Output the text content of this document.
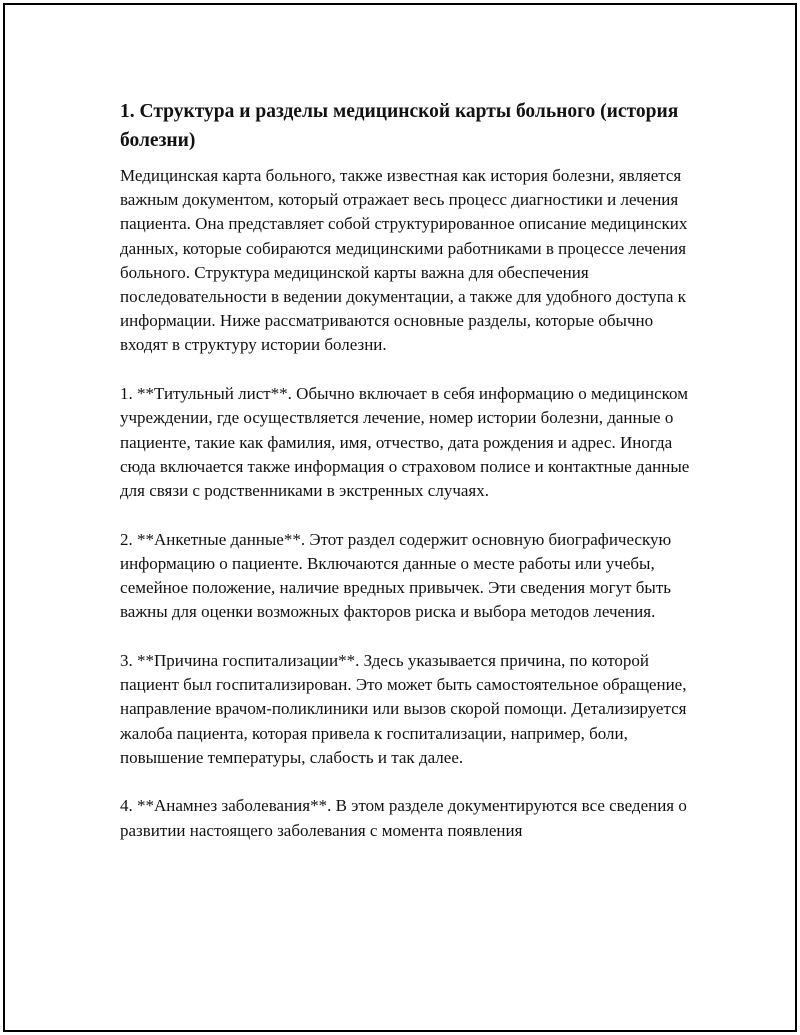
1. Структура и разделы медицинской карты больного (история болезни)

Медицинская карта больного, также известная как история болезни, является важным документом, который отражает весь процесс диагностики и лечения пациента. Она представляет собой структурированное описание медицинских данных, которые собираются медицинскими работниками в процессе лечения больного. Структура медицинской карты важна для обеспечения последовательности в ведении документации, а также для удобного доступа к информации. Ниже рассматриваются основные разделы, которые обычно входят в структуру истории болезни.

1. **Титульный лист**. Обычно включает в себя информацию о медицинском учреждении, где осуществляется лечение, номер истории болезни, данные о пациенте, такие как фамилия, имя, отчество, дата рождения и адрес. Иногда сюда включается также информация о страховом полисе и контактные данные для связи с родственниками в экстренных случаях.

2. **Анкетные данные**. Этот раздел содержит основную биографическую информацию о пациенте. Включаются данные о месте работы или учебы, семейное положение, наличие вредных привычек. Эти сведения могут быть важны для оценки возможных факторов риска и выбора методов лечения.

3. **Причина госпитализации**. Здесь указывается причина, по которой пациент был госпитализирован. Это может быть самостоятельное обращение, направление врачом-поликлиники или вызов скорой помощи. Детализируется жалоба пациента, которая привела к госпитализации, например, боли, повышение температуры, слабость и так далее.

4. **Анамнез заболевания**. В этом разделе документируются все сведения о развитии настоящего заболевания с момента появления
